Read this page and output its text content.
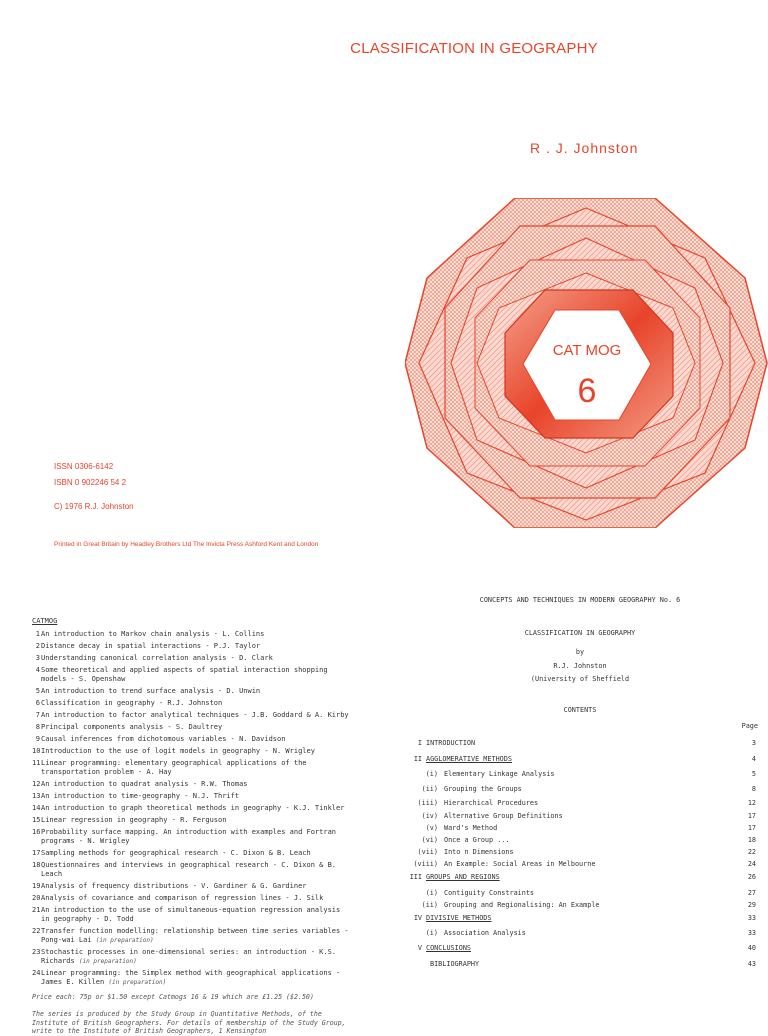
CLASSIFICATION IN GEOGRAPHY
R . J. Johnston
CAT MOG
6
ISSN 0306-6142
ISBN 0 902246 54 2
C) 1976 R.J. Johnston
Printed in Great Britain by Headley Brothers Ltd The Invicta Press Ashford Kent and London
CATMOG
1 An introduction to Markov chain analysis - L. Collins
2 Distance decay in spatial interactions - P.J. Taylor
3 Understanding canonical correlation analysis - D. Clark
4 Some theoretical and applied aspects of spatial interaction shopping models - S. Openshaw
5 An introduction to trend surface analysis - D. Unwin
6 Classification in geography - R.J. Johnston
7 An introduction to factor analytical techniques - J.B. Goddard & A. Kirby
8 Principal components analysis - S. Daultrey
9 Causal inferences from dichotomous variables - N. Davidson
10 Introduction to the use of logit models in geography - N. Wrigley
11 Linear programming: elementary geographical applications of the transportation problem - A. Hay
12 An introduction to quadrat analysis - R.W. Thomas
13 An introduction to time-geography - N.J. Thrift
14 An introduction to graph theoretical methods in geography - K.J. Tinkler
15 Linear regression in geography - R. Ferguson
16 Probability surface mapping. An introduction with examples and Fortran programs - N. Wrigley
17 Sampling methods for geographical research - C. Dixon & B. Leach
18 Questionnaires and interviews in geographical research - C. Dixon & B. Leach
19 Analysis of frequency distributions - V. Gardiner & G. Gardiner
20 Analysis of covariance and comparison of regression lines - J. Silk
21 An introduction to the use of simultaneous-equation regression analysis in geography - D. Todd
22 Transfer function modelling: relationship between time series variables - Pong-wai Lai (in preparation)
23 Stochastic processes in one-dimensional series: an introduction - K.S. Richards (in preparation)
24 Linear programming: the Simplex method with geographical applications - James E. Killen (in preparation)
Price each: 75p or $1.50 except Catmogs 16 & 19 which are £1.25 ($2.50)
The series is produced by the Study Group in Quantitative Methods, of the Institute of British Geographers. For details of membership of the Study Group, write to the Institute of British Geographers, 1 Kensington
CONCEPTS AND TECHNIQUES IN MODERN GEOGRAPHY No. 6
CLASSIFICATION IN GEOGRAPHY
by
R.J. Johnston
(University of Sheffield
CONTENTS
Page
I INTRODUCTION	3
II AGGLOMERATIVE METHODS	4
(i) Elementary Linkage Analysis	5
(ii) Grouping the Groups	8
(iii) Hierarchical Procedures	12
(iv) Alternative Group Definitions	17
(v) Ward's Method	17
(vi) Once a Group ...	18
(vii) Into n Dimensions	22
(viii) An Example: Social Areas in Melbourne	24
III GROUPS AND REGIONS	26
(i) Contiguity Constraints	27
(ii) Grouping and Regionalising: An Example	29
IV DIVISIVE METHODS	33
(i) Association Analysis	33
V CONCLUSIONS	40
BIBLIOGRAPHY	43
